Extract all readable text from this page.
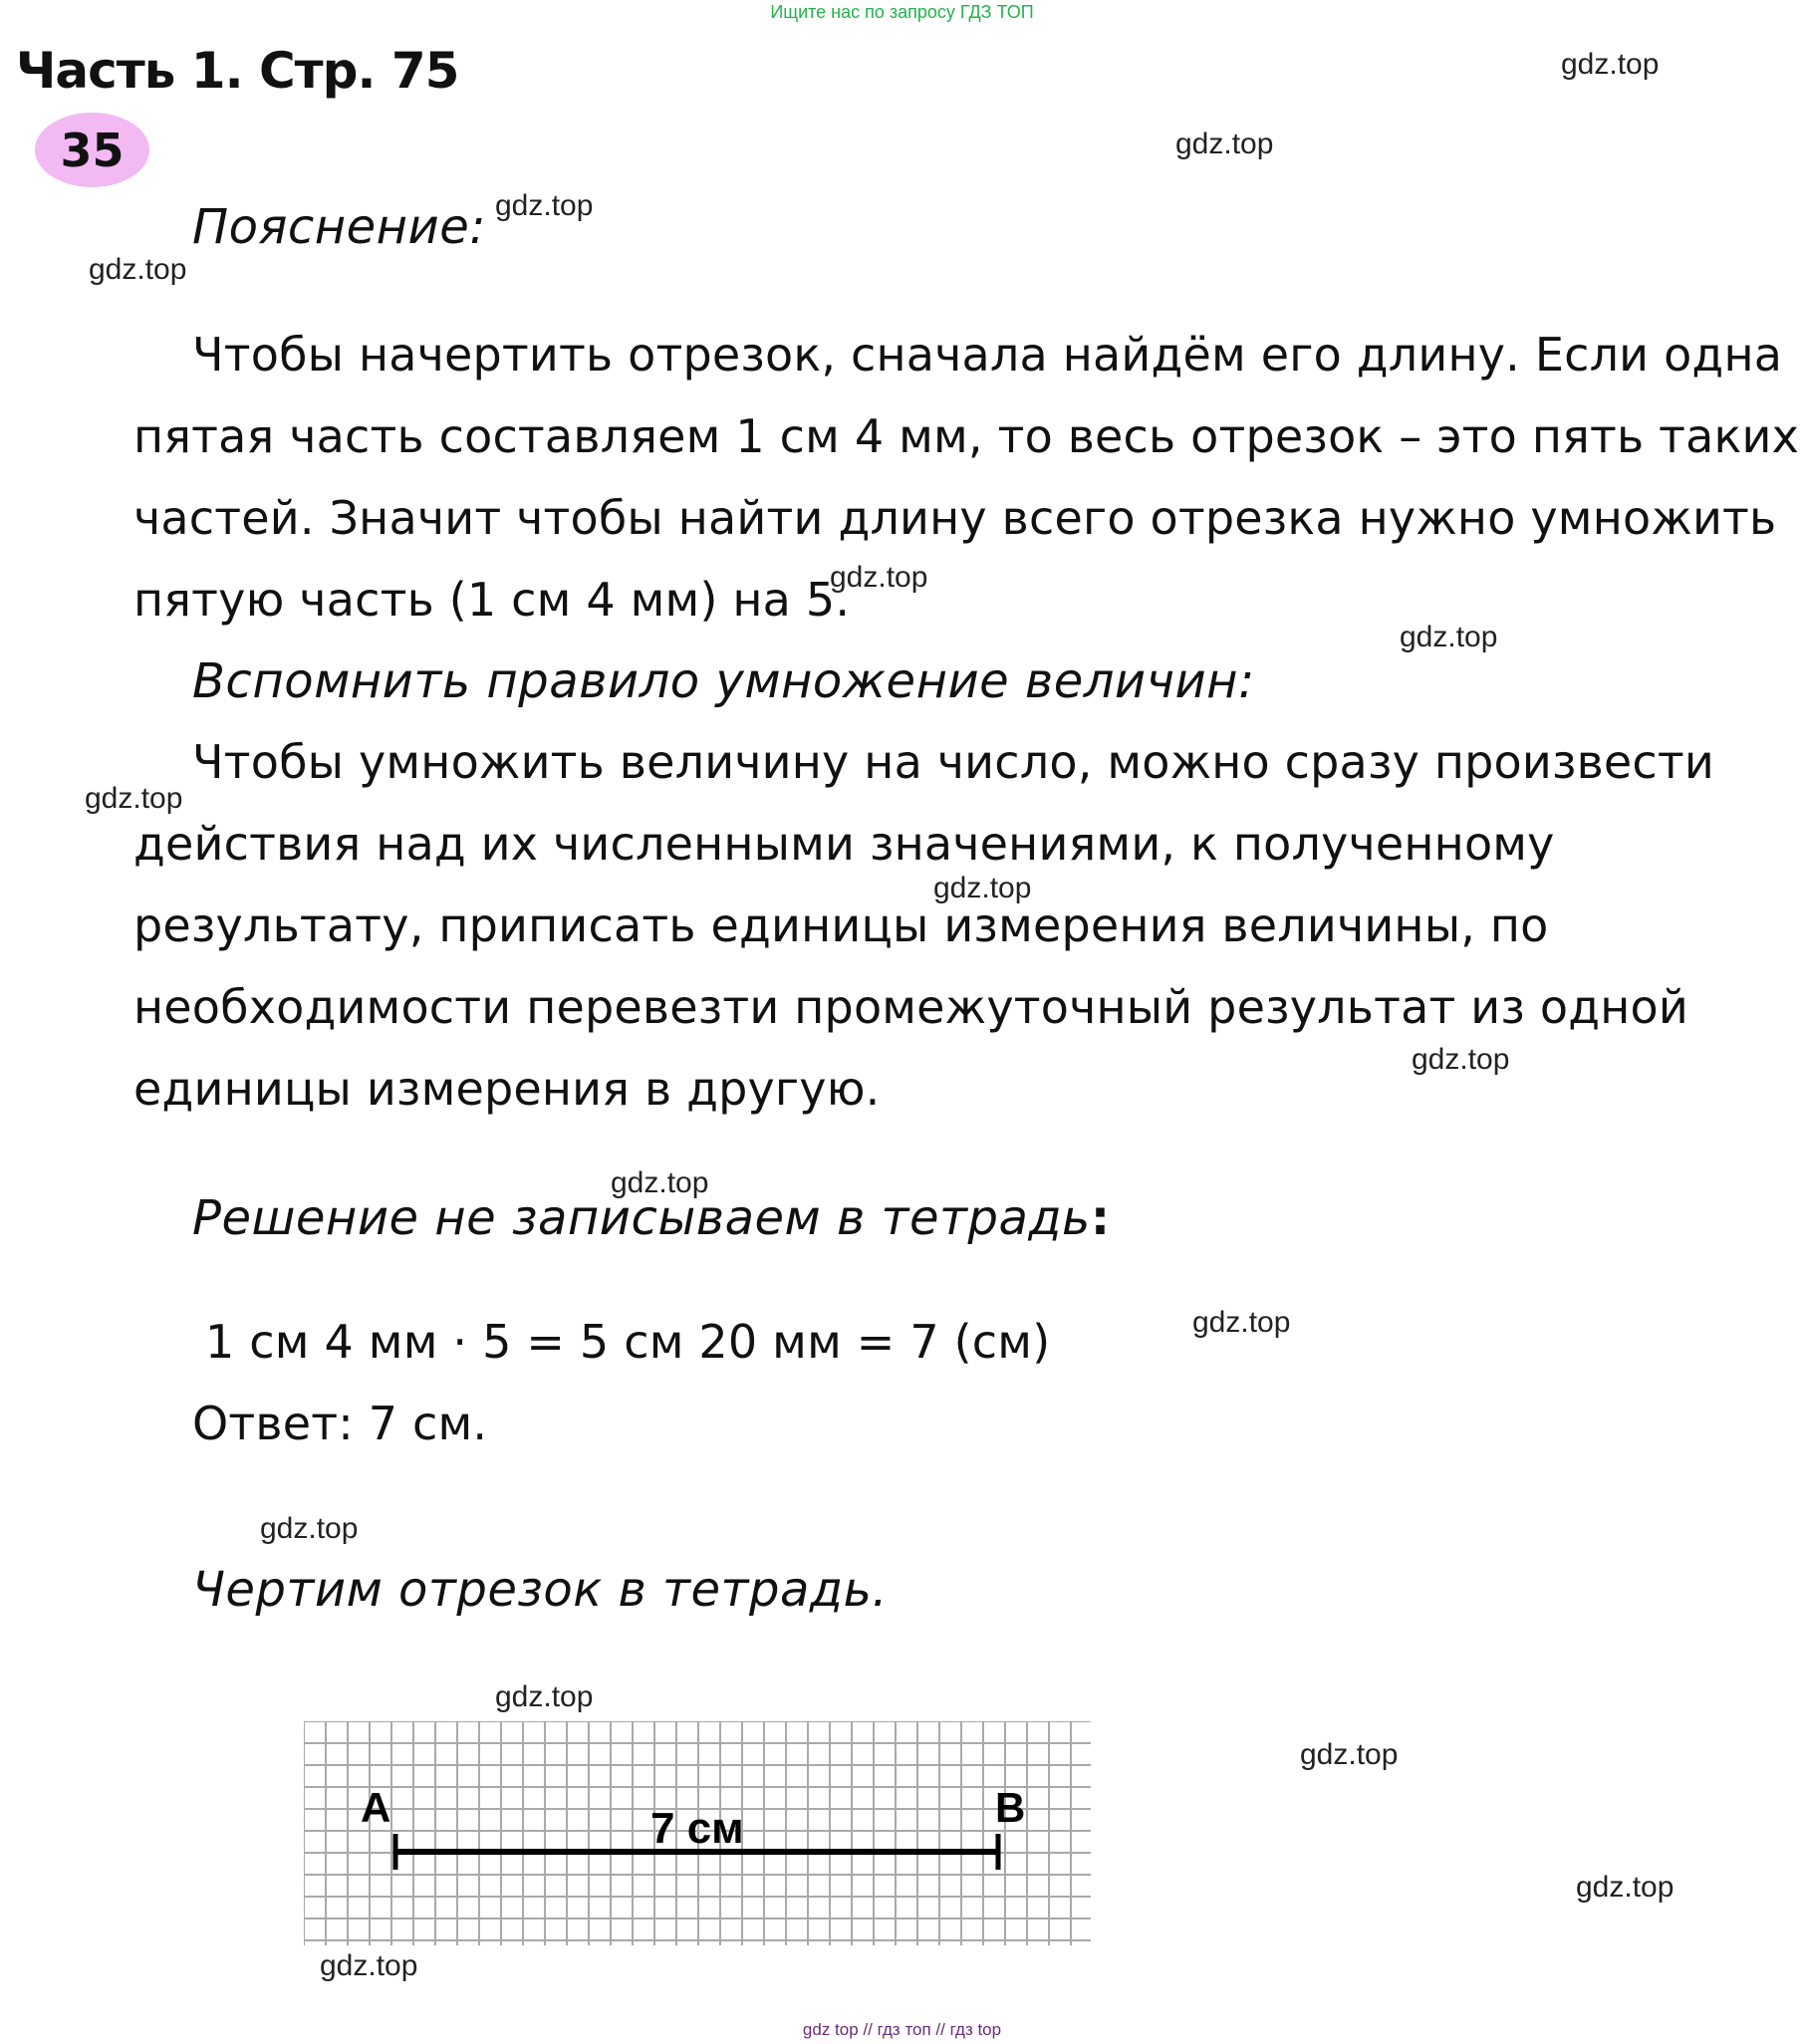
Ищите нас по запросу ГДЗ ТОП
Часть 1. Стр. 75
35
Пояснение:
Чтобы начертить отрезок, сначала найдём его длину. Если одна
пятая часть составляем 1 см 4 мм, то весь отрезок – это пять таких
частей. Значит чтобы найти длину всего отрезка нужно умножить
пятую часть (1 см 4 мм) на 5.
Вспомнить правило умножение величин:
Чтобы умножить величину на число, можно сразу произвести
действия над их численными значениями, к полученному
результату, приписать единицы измерения величины, по
необходимости перевезти промежуточный результат из одной
единицы измерения в другую.
Решение не записываем в тетрадь:
1 см 4 мм · 5 = 5 см 20 мм = 7 (см)
Ответ: 7 см.
Чертим отрезок в тетрадь.
A	B
7 см
gdz.top
gdz.top
gdz.top
gdz.top
gdz.top
gdz.top
gdz.top
gdz.top
gdz.top
gdz.top
gdz.top
gdz.top
gdz.top
gdz.top
gdz.top
gdz.top
gdz top // гдз топ // гдз top
